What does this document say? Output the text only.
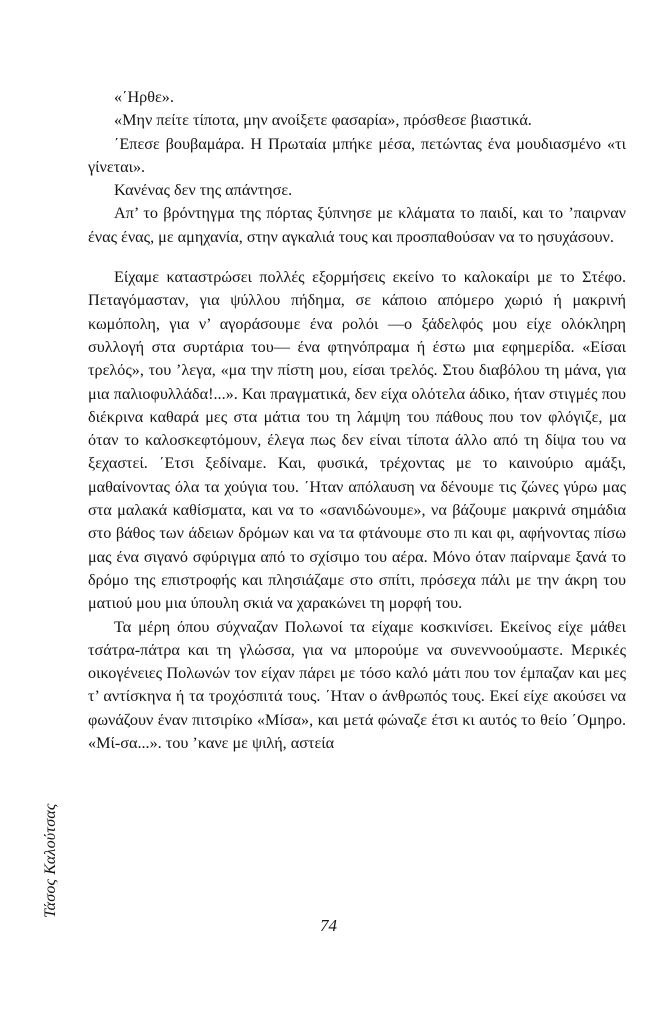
«΄Ηρθε».

«Μην πείτε τίποτα, μην ανοίξετε φασαρία», πρόσθεσε βιαστικά.

΄Επεσε βουβαμάρα. Η Πρωταία μπήκε μέσα, πετώντας ένα μουδιασμένο «τι γίνεται».

Κανένας δεν της απάντησε.

Απ’ το βρόντηγμα της πόρτας ξύπνησε με κλάματα το παιδί, και το ’παιρναν ένας ένας, με αμηχανία, στην αγκαλιά τους και προσπαθούσαν να το ησυχάσουν.

Είχαμε καταστρώσει πολλές εξορμήσεις εκείνο το καλοκαίρι με το Στέφο. Πεταγόμασταν, για ψύλλου πήδημα, σε κάποιο απόμερο χωριό ή μακρινή κωμόπολη, για ν’ αγοράσουμε ένα ρολόι —ο ξάδελφός μου είχε ολόκληρη συλλογή στα συρτάρια του— ένα φτηνόπραμα ή έστω μια εφημερίδα. «Είσαι τρελός», του ’λεγα, «μα την πίστη μου, είσαι τρελός. Στου διαβόλου τη μάνα, για μια παλιοφυλλάδα!...». Και πραγματικά, δεν είχα ολότελα άδικο, ήταν στιγμές που διέκρινα καθαρά μες στα μάτια του τη λάμψη του πάθους που τον φλόγιζε, μα όταν το καλοσκεφτόμουν, έλεγα πως δεν είναι τίποτα άλλο από τη δίψα του να ξεχαστεί. ΄Ετσι ξεδίναμε. Και, φυσικά, τρέχοντας με το καινούριο αμάξι, μαθαίνοντας όλα τα χούγια του. ΄Ηταν απόλαυση να δένουμε τις ζώνες γύρω μας στα μαλακά καθίσματα, και να το «σανιδώνουμε», να βάζουμε μακρινά σημάδια στο βάθος των άδειων δρόμων και να τα φτάνουμε στο πι και φι, αφήνοντας πίσω μας ένα σιγανό σφύριγμα από το σχίσιμο του αέρα. Μόνο όταν παίρναμε ξανά το δρόμο της επιστροφής και πλησιάζαμε στο σπίτι, πρόσεχα πάλι με την άκρη του ματιού μου μια ύπουλη σκιά να χαρακώνει τη μορφή του.

Τα μέρη όπου σύχναζαν Πολωνοί τα είχαμε κοσκινίσει. Εκείνος είχε μάθει τσάτρα-πάτρα και τη γλώσσα, για να μπορούμε να συνεννοούμαστε. Μερικές οικογένειες Πολωνών τον είχαν πάρει με τόσο καλό μάτι που τον έμπαζαν και μες τ’ αντίσκηνα ή τα τροχόσπιτά τους. ΄Ηταν ο άνθρωπός τους. Εκεί είχε ακούσει να φωνάζουν έναν πιτσιρίκο «Μίσα», και μετά φώναζε έτσι κι αυτός το θείο ΄Ομηρο. «Μί-σα...». του ’κανε με ψιλή, αστεία

Τάσος Καλούτσας
74
